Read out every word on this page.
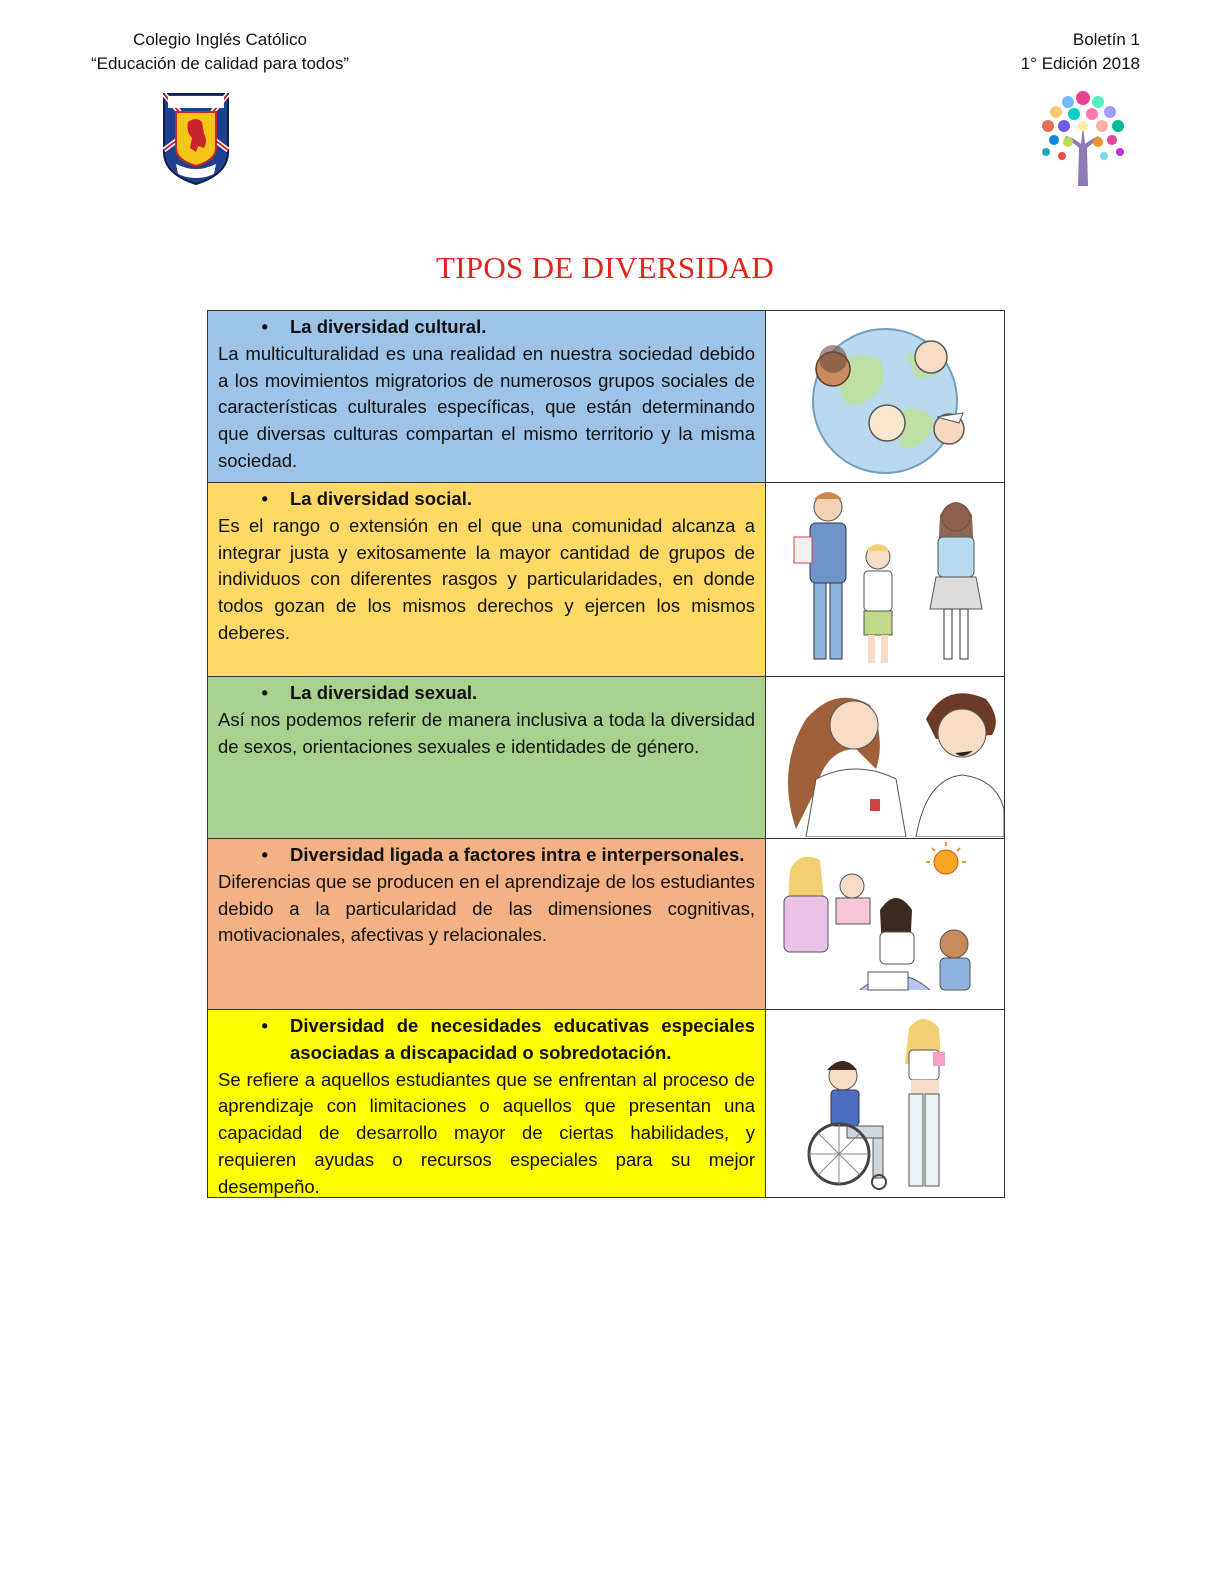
Colegio Inglés Católico
“Educación de calidad para todos”
Boletín 1
1° Edición 2018
TIPOS DE DIVERSIDAD
•	La diversidad cultural.
La multiculturalidad es una realidad en nuestra sociedad debido a los movimientos migratorios de numerosos grupos sociales de características culturales específicas, que están determinando que diversas culturas compartan el mismo territorio y la misma sociedad.
•	La diversidad social.
Es el rango o extensión en el que una comunidad alcanza a integrar justa y exitosamente la mayor cantidad de grupos de individuos con diferentes rasgos y particularidades, en donde todos gozan de los mismos derechos y ejercen los mismos deberes.
•	La diversidad sexual.
Así nos podemos referir de manera inclusiva a toda la diversidad de sexos, orientaciones sexuales e identidades de género.
•	Diversidad ligada a factores intra e interpersonales.
Diferencias que se producen en el aprendizaje de los estudiantes debido a la particularidad de las dimensiones cognitivas, motivacionales, afectivas y relacionales.
•	Diversidad de necesidades educativas especiales asociadas a discapacidad o sobredotación.
Se refiere a aquellos estudiantes que se enfrentan al proceso de aprendizaje con limitaciones o aquellos que presentan una capacidad de desarrollo mayor de ciertas habilidades, y requieren ayudas o recursos especiales para su mejor desempeño.
